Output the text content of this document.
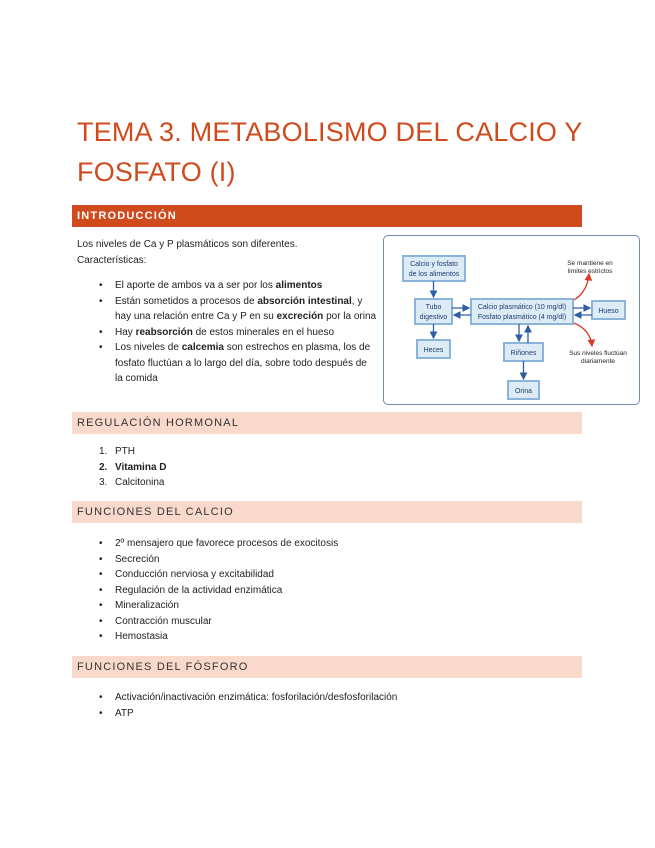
TEMA 3. METABOLISMO DEL CALCIO Y
FOSFATO (I)
INTRODUCCIÓN
Los niveles de Ca y P plasmáticos son diferentes.
Características:
• El aporte de ambos va a ser por los alimentos
• Están sometidos a procesos de absorción intestinal, y hay una relación entre Ca y P en su excreción por la orina
• Hay reabsorción de estos minerales en el hueso
• Los niveles de calcemia son estrechos en plasma, los de fosfato fluctúan a lo largo del día, sobre todo después de la comida
Calcio y fosfato
de los alimentos
Tubo
digestivo
Calcio plasmático (10 mg/dl)
Fosfato plasmático (4 mg/dl)
Hueso
Heces	Riñones
Orina
Se mantiene en
límites estrictos
Sus niveles fluctúan
diariamente
REGULACIÓN HORMONAL
1. PTH
2. Vitamina D
3. Calcitonina
FUNCIONES DEL CALCIO
• 2º mensajero que favorece procesos de exocitosis
• Secreción
• Conducción nerviosa y excitabilidad
• Regulación de la actividad enzimática
• Mineralización
• Contracción muscular
• Hemostasia
FUNCIONES DEL FÓSFORO
• Activación/inactivación enzimática: fosforilación/desfosforilación
• ATP
